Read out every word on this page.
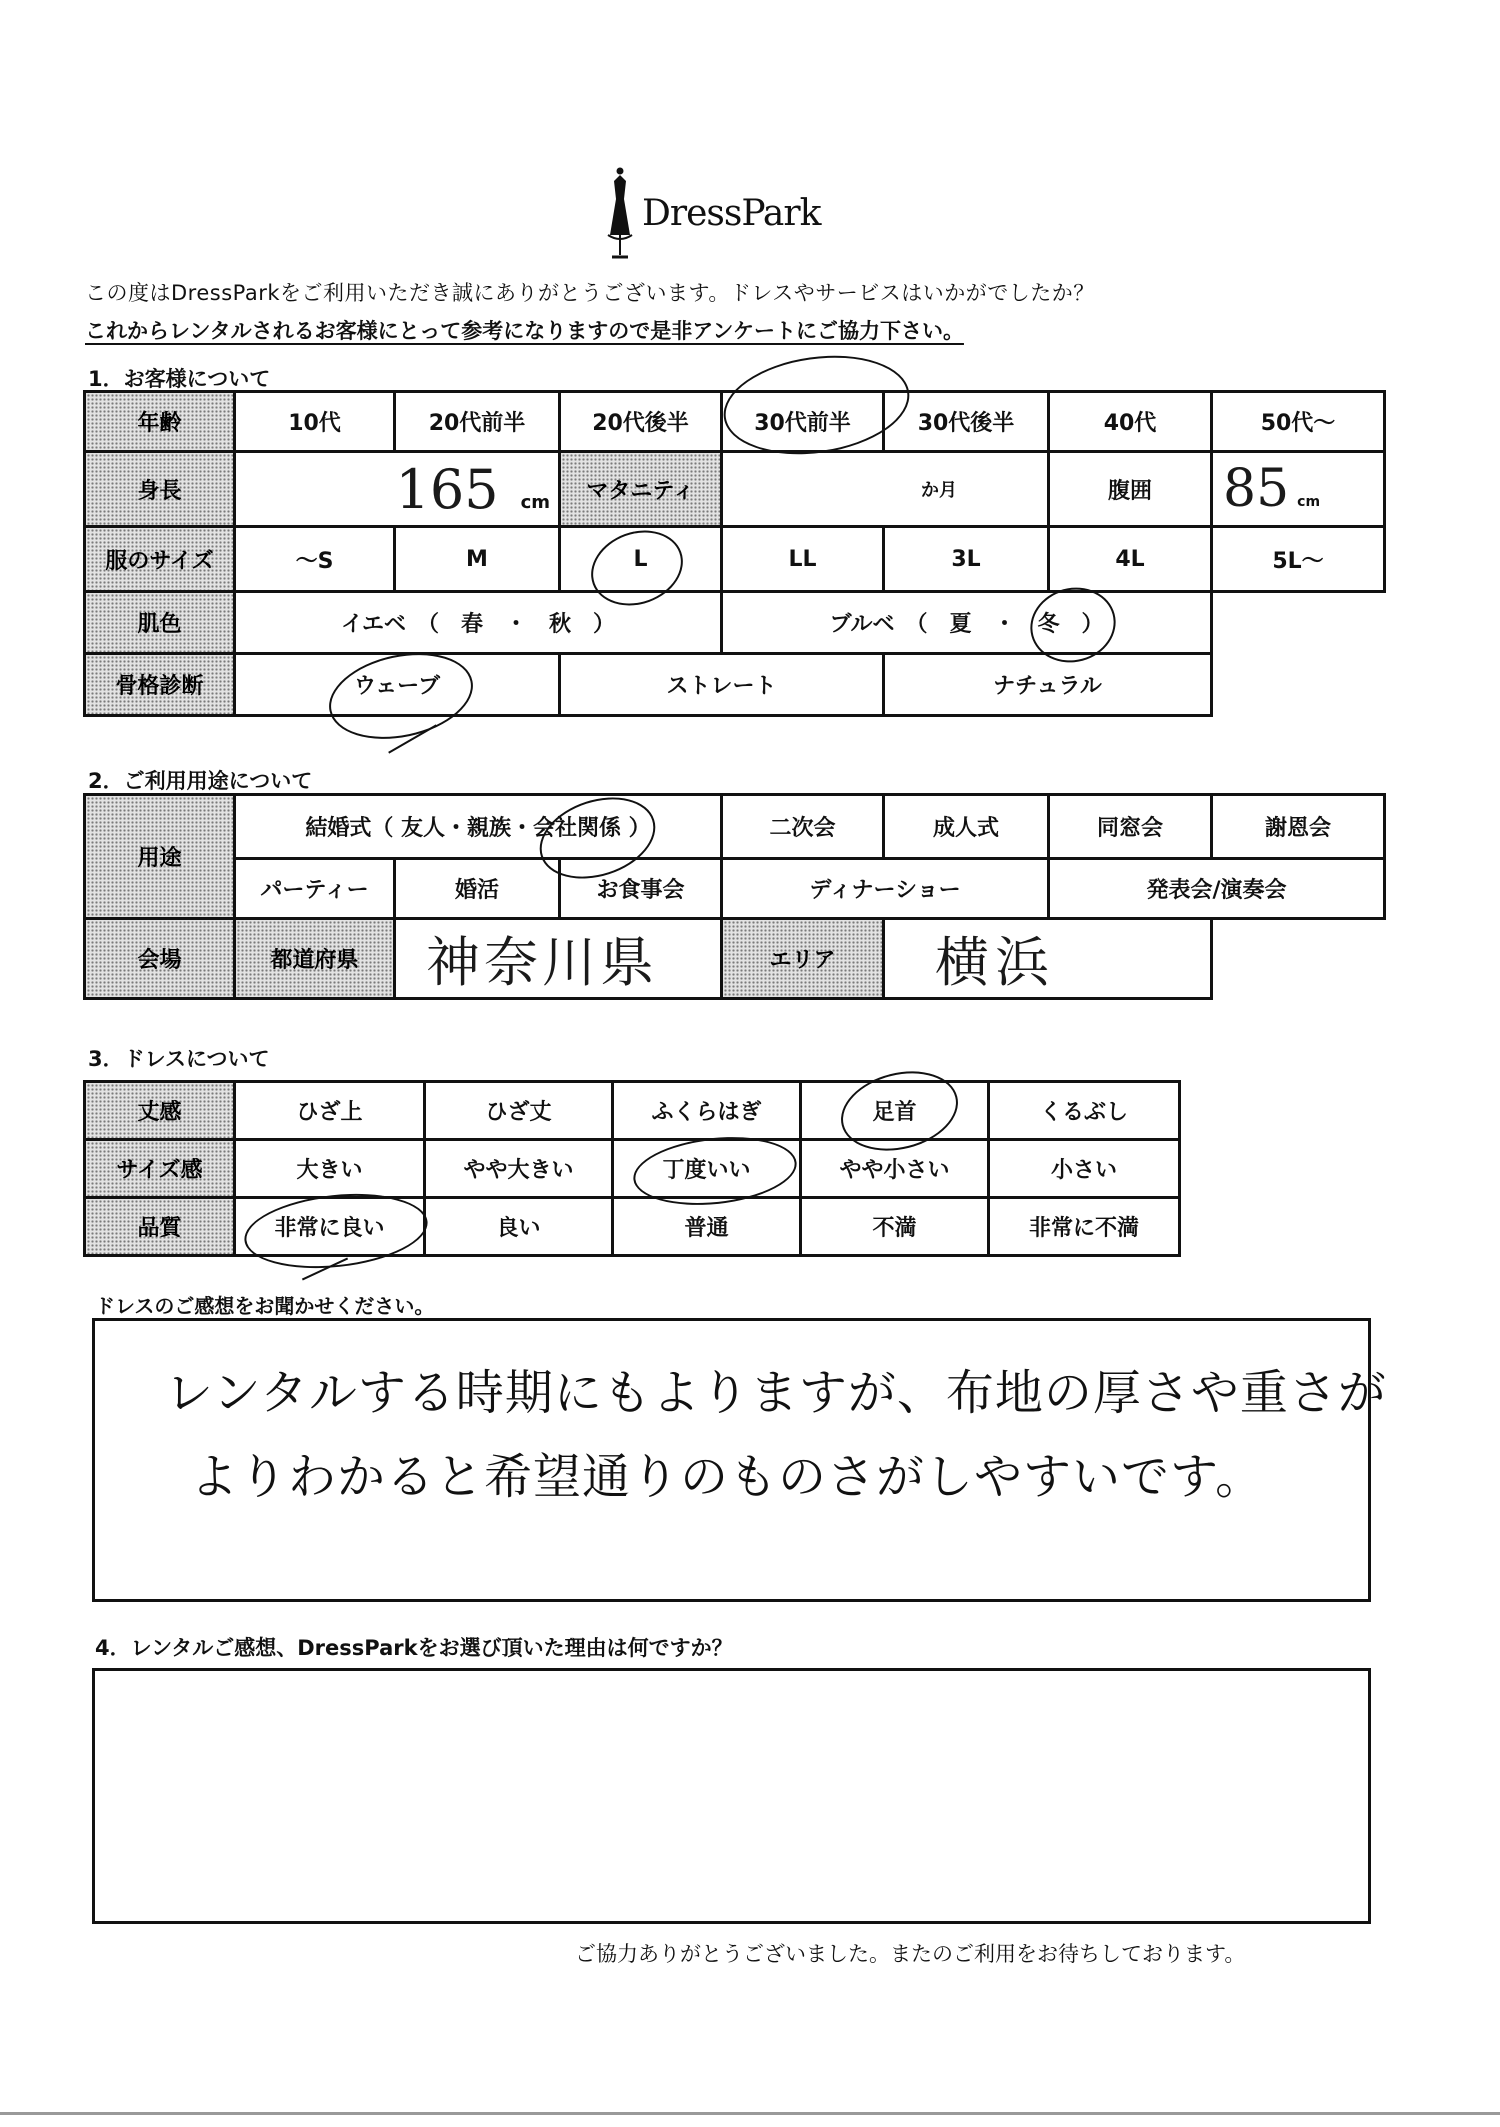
DressPark
この度はDressParkをご利用いただき誠にありがとうございます。ドレスやサービスはいかがでしたか？
これからレンタルされるお客様にとって参考になりますので是非アンケートにご協力下さい。
1．お客様について
年齢	10代	20代前半	20代後半	30代前半	30代後半	40代	50代～
身長	165 cm		マタニティ	か月		腹囲	85 cm
服のサイズ	～S	M	L	LL	3L	4L	5L～
肌色	イエベ　（　春　・　秋　）			ブルベ　（　夏　・　冬　）			
骨格診断	ウェーブ		ストレート		ナチュラル		
2．ご利用用途について
用途	結婚式（ 友人・親族・会社関係 ）			二次会	成人式	同窓会	謝恩会
	パーティー	婚活	お食事会	ディナーショー		発表会/演奏会	
会場	都道府県	神奈川県		エリア	横浜		
3．ドレスについて
丈感	ひざ上	ひざ丈	ふくらはぎ	足首	くるぶし
サイズ感	大きい	やや大きい	丁度いい	やや小さい	小さい
品質	非常に良い	良い	普通	不満	非常に不満
ドレスのご感想をお聞かせください。
レンタルする時期にもよりますが、布地の厚さや重さが
よりわかると希望通りのものさがしやすいです。
4．レンタルご感想、DressParkをお選び頂いた理由は何ですか？
ご協力ありがとうございました。またのご利用をお待ちしております。
